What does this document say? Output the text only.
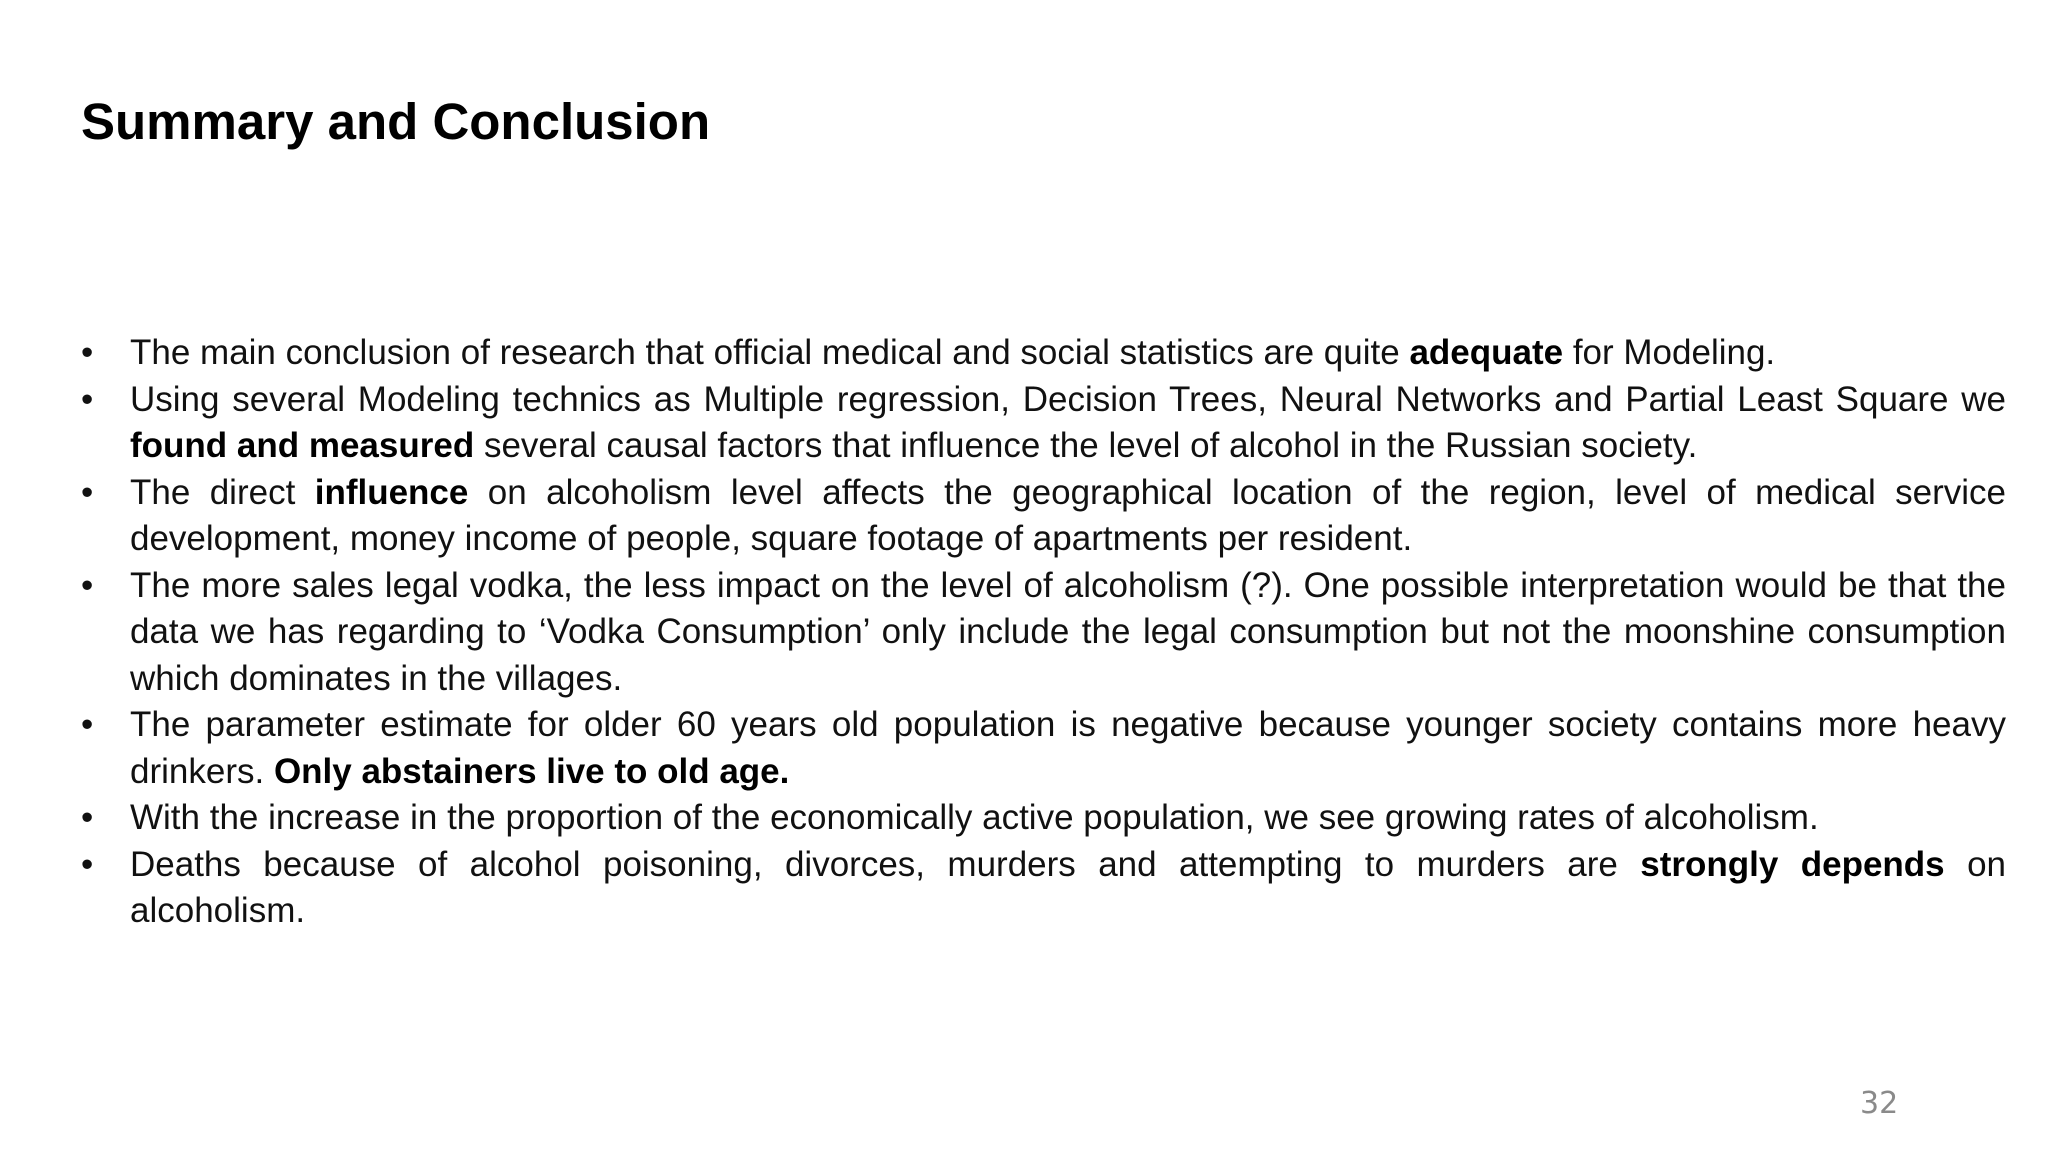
Summary and Conclusion
•	The main conclusion of research that official medical and social statistics are quite adequate for Modeling.
•	Using several Modeling technics as Multiple regression, Decision Trees, Neural Networks and Partial Least Square we found and measured several causal factors that influence the level of alcohol in the Russian society.
•	The direct influence on alcoholism level affects the geographical location of the region, level of medical service development, money income of people, square footage of apartments per resident.
•	The more sales legal vodka, the less impact on the level of alcoholism (?). One possible interpretation would be that the data we has regarding to ‘Vodka Consumption’ only include the legal consumption but not the moonshine consumption which dominates in the villages.
•	The parameter estimate for older 60 years old population is negative because younger society contains more heavy drinkers. Only abstainers live to old age.
•	With the increase in the proportion of the economically active population, we see growing rates of alcoholism.
•	Deaths because of alcohol poisoning, divorces, murders and attempting to murders are strongly depends on alcoholism.
32
